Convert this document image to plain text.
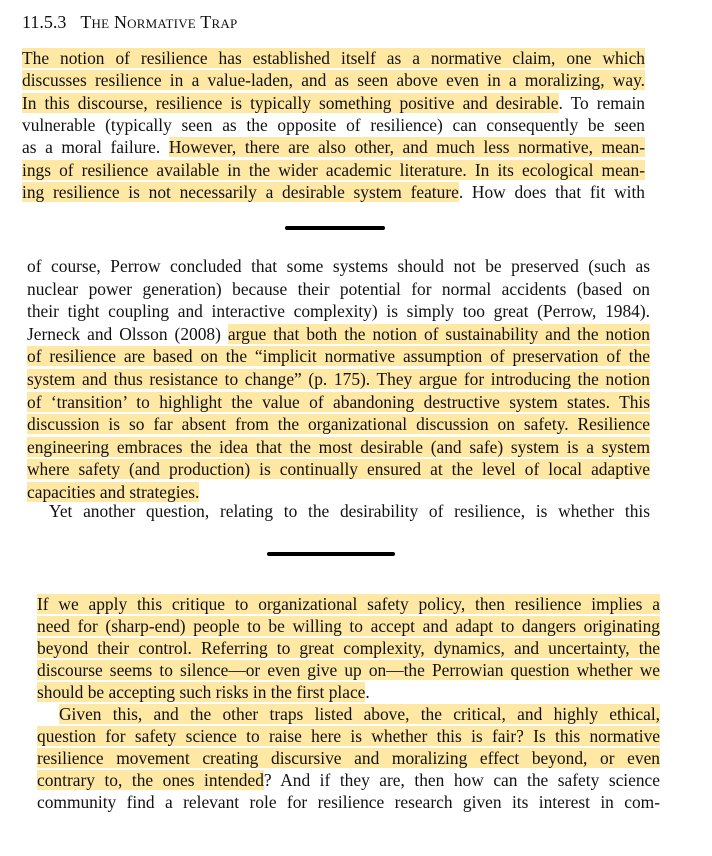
11.5.3 The Normative Trap
The notion of resilience has established itself as a normative claim, one which
discusses resilience in a value-laden, and as seen above even in a moralizing, way.
In this discourse, resilience is typically something positive and desirable. To remain
vulnerable (typically seen as the opposite of resilience) can consequently be seen
as a moral failure. However, there are also other, and much less normative, mean-
ings of resilience available in the wider academic literature. In its ecological mean-
ing resilience is not necessarily a desirable system feature. How does that fit with
of course, Perrow concluded that some systems should not be preserved (such as
nuclear power generation) because their potential for normal accidents (based on
their tight coupling and interactive complexity) is simply too great (Perrow, 1984).
Jerneck and Olsson (2008) argue that both the notion of sustainability and the notion
of resilience are based on the “implicit normative assumption of preservation of the
system and thus resistance to change” (p. 175). They argue for introducing the notion
of ‘transition’ to highlight the value of abandoning destructive system states. This
discussion is so far absent from the organizational discussion on safety. Resilience
engineering embraces the idea that the most desirable (and safe) system is a system
where safety (and production) is continually ensured at the level of local adaptive
capacities and strategies.
Yet another question, relating to the desirability of resilience, is whether this
If we apply this critique to organizational safety policy, then resilience implies a
need for (sharp-end) people to be willing to accept and adapt to dangers originating
beyond their control. Referring to great complexity, dynamics, and uncertainty, the
discourse seems to silence—or even give up on—the Perrowian question whether we
should be accepting such risks in the first place.
Given this, and the other traps listed above, the critical, and highly ethical,
question for safety science to raise here is whether this is fair? Is this normative
resilience movement creating discursive and moralizing effect beyond, or even
contrary to, the ones intended? And if they are, then how can the safety science
community find a relevant role for resilience research given its interest in com-
